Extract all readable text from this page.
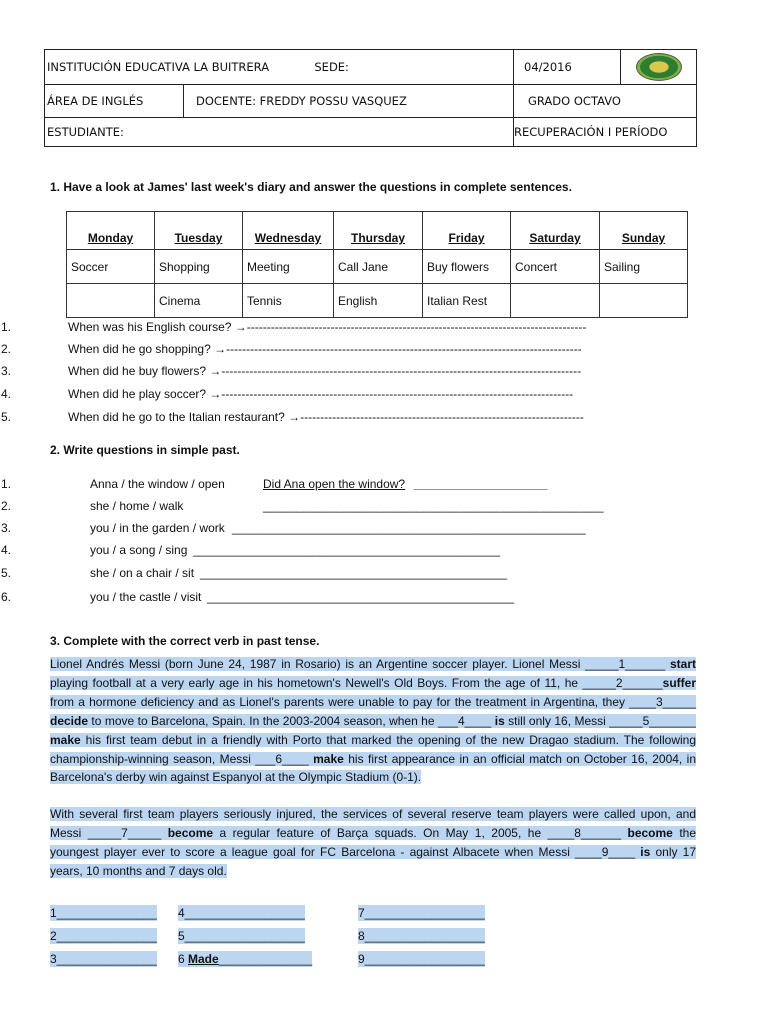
INSTITUCIÓN EDUCATIVA LA BUITRERA SEDE:		04/2016	

ÁREA DE INGLÉS	DOCENTE: FREDDY POSSU VASQUEZ	GRADO OCTAVO	
ESTUDIANTE:		RECUPERACIÓN I PERÍODO	
1. Have a look at James' last week's diary and answer the questions in complete sentences.
Monday	Tuesday	Wednesday	Thursday	Friday	Saturday	Sunday
Soccer	Shopping	Meeting	Call Jane	Buy flowers	Concert	Sailing
	Cinema	Tennis	English	Italian Rest		
1.	When was his English course? →-------------------------------------------------------------------------------------
2.	When did he go shopping? →-----------------------------------------------------------------------------------------
3.	When did he buy flowers? →------------------------------------------------------------------------------------------
4.	When did he play soccer? →----------------------------------------------------------------------------------------
5.	When did he go to the Italian restaurant? →-----------------------------------------------------------------------
2. Write questions in simple past.
1.	Anna / the window / open	Did Ana open the window? ____________________
2.	she / home / walk	___________________________________________________
3.	you / in the garden / work _____________________________________________________
4.	you / a song / sing ______________________________________________
5.	she / on a chair / sit ______________________________________________
6.	you / the castle / visit ______________________________________________
3. Complete with the correct verb in past tense.

Lionel Andrés Messi (born June 24, 1987 in Rosario) is an Argentine soccer player. Lionel Messi _____1______ start playing football at a very early age in his hometown's Newell's Old Boys. From the age of 11, he _____2______suffer from a hormone deficiency and as Lionel's parents were unable to pay for the treatment in Argentina, they ____3_____ decide to move to Barcelona, Spain. In the 2003-2004 season, when he ___4____ is still only 16, Messi _____5_______ make his first team debut in a friendly with Porto that marked the opening of the new Dragao stadium. The following championship-winning season, Messi ___6____ make his first appearance in an official match on October 16, 2004, in Barcelona's derby win against Espanyol at the Olympic Stadium (0-1).

With several first team players seriously injured, the services of several reserve team players were called upon, and Messi _____7_____ become a regular feature of Barça squads. On May 1, 2005, he ____8______ become the youngest player ever to score a league goal for FC Barcelona - against Albacete when Messi ____9____ is only 17 years, 10 months and 7 days old.

1_______________ 4__________________	7__________________
2_______________ 5__________________	8__________________
3_______________ 6 Made______________	9__________________
